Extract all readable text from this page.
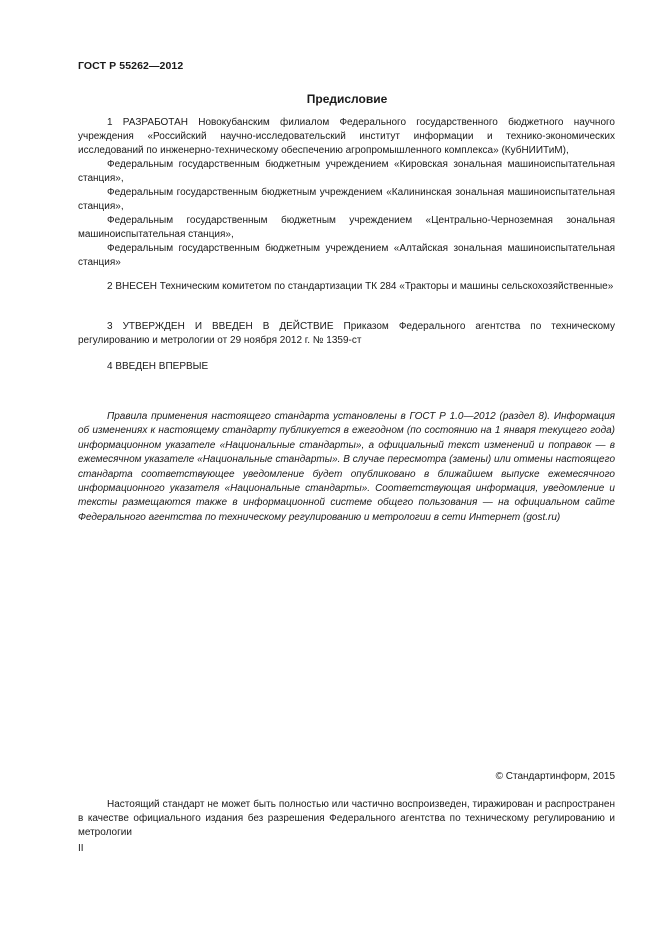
ГОСТ Р 55262—2012
Предисловие

1 РАЗРАБОТАН Новокубанским филиалом Федерального государственного бюджетного научного учреждения «Российский научно-исследовательский институт информации и технико-экономических исследований по инженерно-техническому обеспечению агропромышленного комплекса» (КубНИИТиМ),

Федеральным государственным бюджетным учреждением «Кировская зональная машиноиспытательная станция»,

Федеральным государственным бюджетным учреждением «Калининская зональная машиноиспытательная станция»,

Федеральным государственным бюджетным учреждением «Центрально-Черноземная зональная машиноиспытательная станция»,

Федеральным государственным бюджетным учреждением «Алтайская зональная машиноиспытательная станция»

2 ВНЕСЕН Техническим комитетом по стандартизации ТК 284 «Тракторы и машины сельскохозяйственные»

3 УТВЕРЖДЕН И ВВЕДЕН В ДЕЙСТВИЕ Приказом Федерального агентства по техническому регулированию и метрологии от 29 ноября 2012 г. № 1359-ст

4 ВВЕДЕН ВПЕРВЫЕ

Правила применения настоящего стандарта установлены в ГОСТ Р 1.0—2012 (раздел 8). Информация об изменениях к настоящему стандарту публикуется в ежегодном (по состоянию на 1 января текущего года) информационном указателе «Национальные стандарты», а официальный текст изменений и поправок — в ежемесячном указателе «Национальные стандарты». В случае пересмотра (замены) или отмены настоящего стандарта соответствующее уведомление будет опубликовано в ближайшем выпуске ежемесячного информационного указателя «Национальные стандарты». Соответствующая информация, уведомление и тексты размещаются также в информационной системе общего пользования — на официальном сайте Федерального агентства по техническому регулированию и метрологии в сети Интернет (gost.ru)

© Стандартинформ, 2015

Настоящий стандарт не может быть полностью или частично воспроизведен, тиражирован и распространен в качестве официального издания без разрешения Федерального агентства по техническому регулированию и метрологии

II
